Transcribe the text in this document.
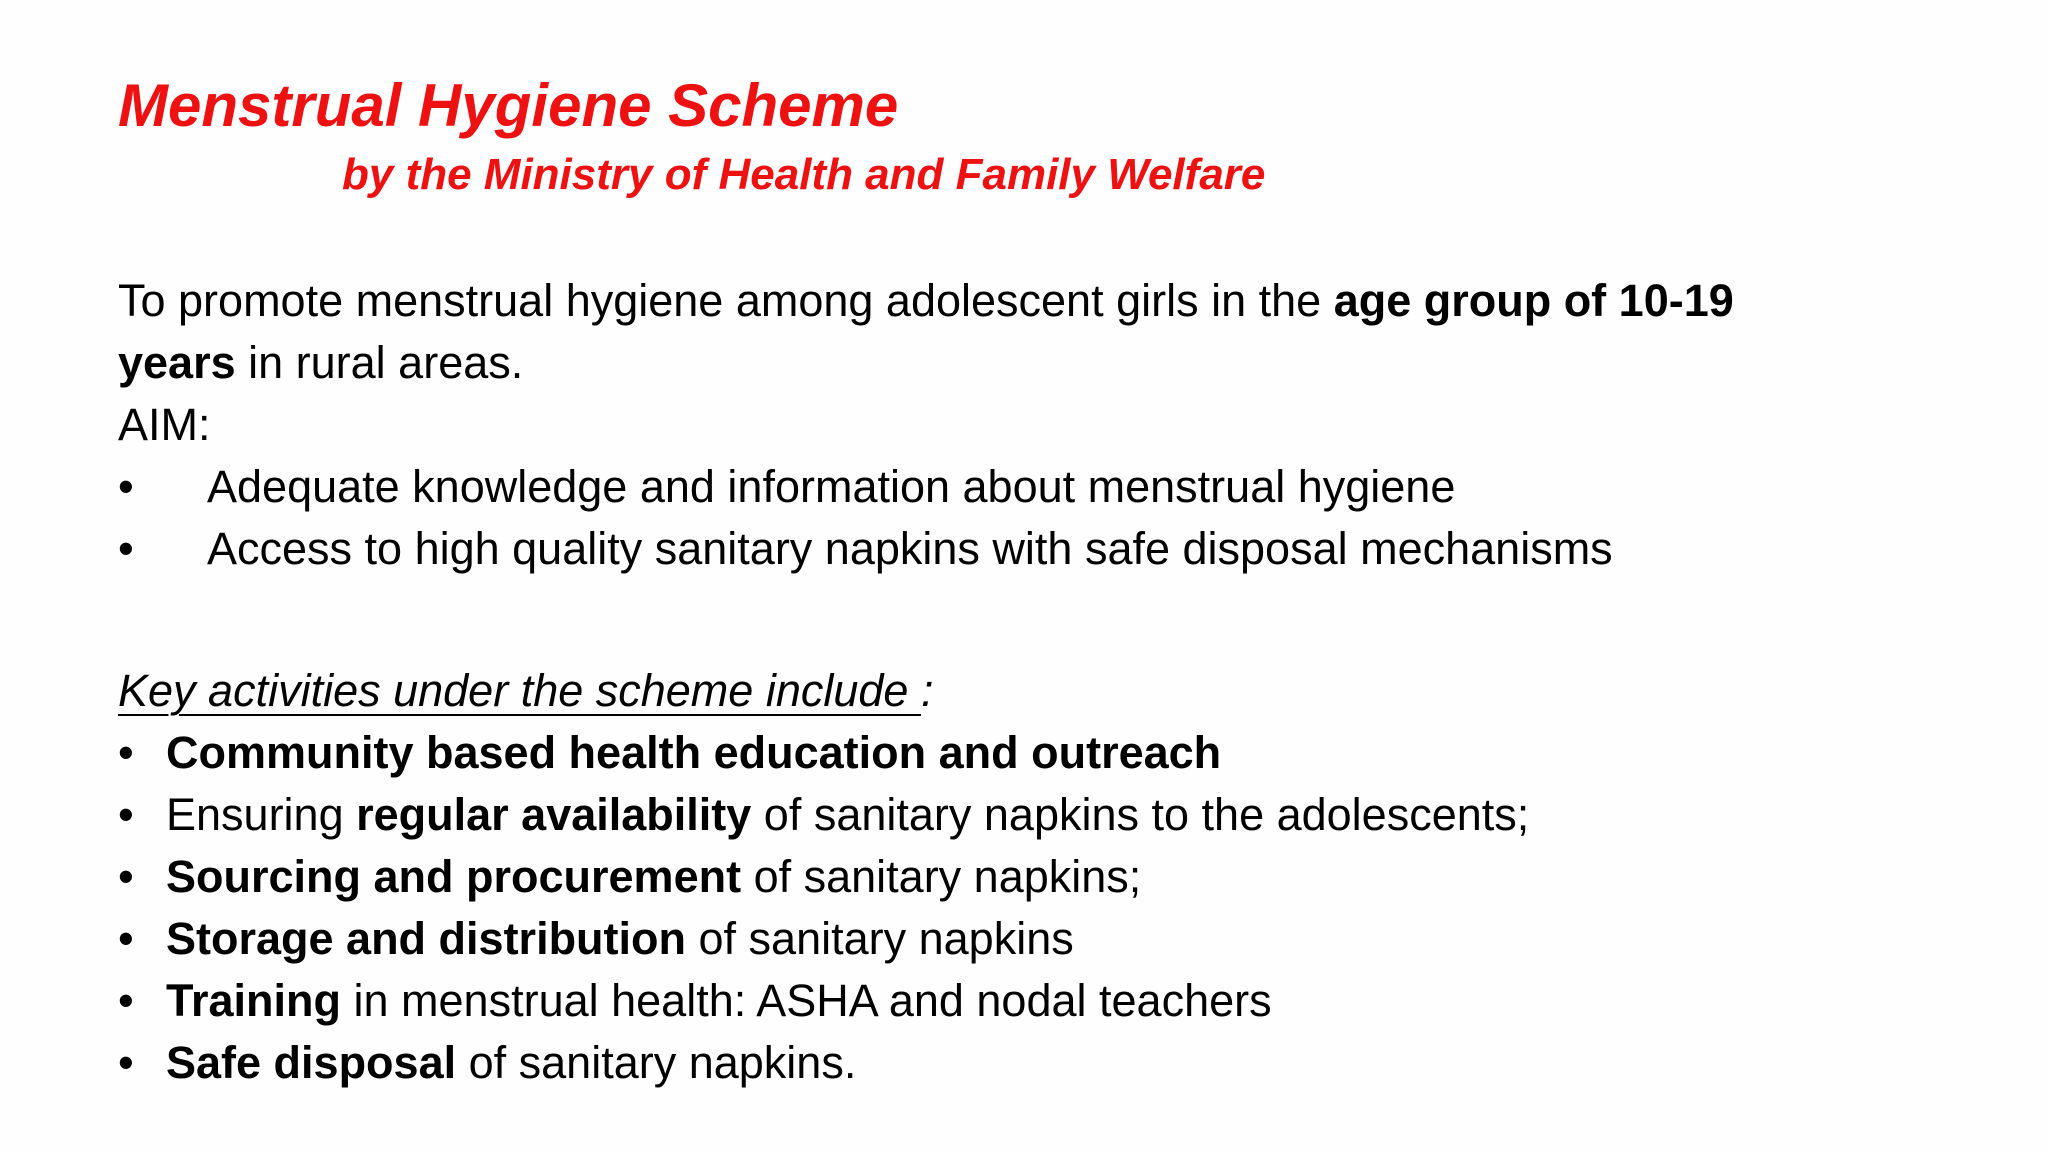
Menstrual Hygiene Scheme
by the Ministry of Health and Family Welfare

To promote menstrual hygiene among adolescent girls in the age group of 10-19
years in rural areas.

AIM:

• Adequate knowledge and information about menstrual hygiene
• Access to high quality sanitary napkins with safe disposal mechanisms

Key activities under the scheme include :

• Community based health education and outreach
• Ensuring regular availability of sanitary napkins to the adolescents;
• Sourcing and procurement of sanitary napkins;
• Storage and distribution of sanitary napkins
• Training in menstrual health: ASHA and nodal teachers
• Safe disposal of sanitary napkins.
